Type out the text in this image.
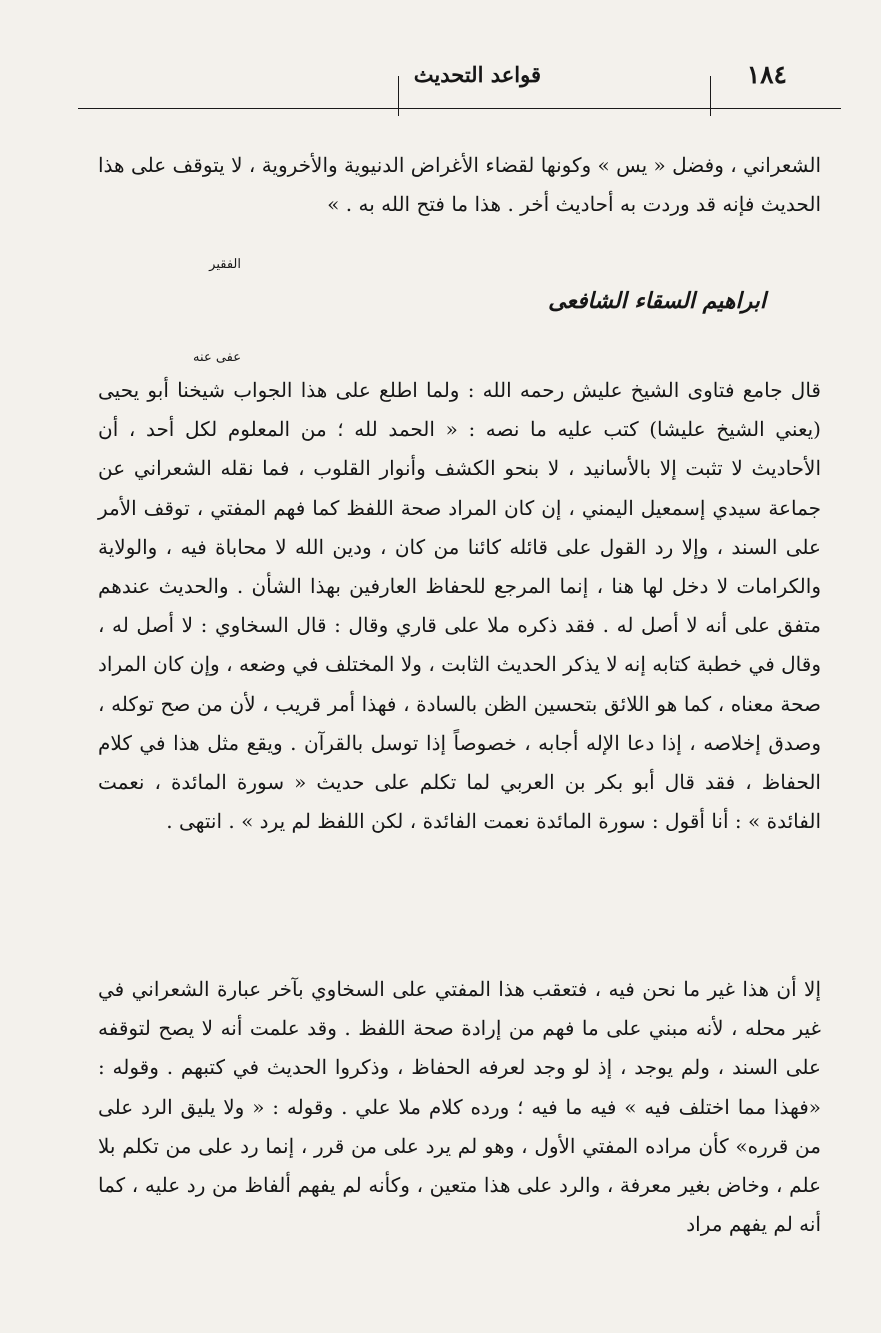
١٨٤
قواعد التحديث

الشعراني ، وفضل « يس » وكونها لقضاء الأغراض الدنيوية والأخروية ، لا يتوقف على هذا الحديث فإنه قد وردت به أحاديث أخر . هذا ما فتح الله به . »

الفقير
ابراهيم السقاء الشافعى
عفى عنه

قال جامع فتاوى الشيخ عليش رحمه الله : ولما اطلع على هذا الجواب شيخنا أبو يحيى (يعني الشيخ عليشا) كتب عليه ما نصه : « الحمد لله ؛ من المعلوم لكل أحد ، أن الأحاديث لا تثبت إلا بالأسانيد ، لا بنحو الكشف وأنوار القلوب ، فما نقله الشعراني عن جماعة سيدي إسمعيل اليمني ، إن كان المراد صحة اللفظ كما فهم المفتي ، توقف الأمر على السند ، وإلا رد القول على قائله كائنا من كان ، ودين الله لا محاباة فيه ، والولاية والكرامات لا دخل لها هنا ، إنما المرجع للحفاظ العارفين بهذا الشأن . والحديث عندهم متفق على أنه لا أصل له . فقد ذكره ملا على قاري وقال : قال السخاوي : لا أصل له ، وقال في خطبة كتابه إنه لا يذكر الحديث الثابت ، ولا المختلف في وضعه ، وإن كان المراد صحة معناه ، كما هو اللائق بتحسين الظن بالسادة ، فهذا أمر قريب ، لأن من صح توكله ، وصدق إخلاصه ، إذا دعا الإله أجابه ، خصوصاً إذا توسل بالقرآن . ويقع مثل هذا في كلام الحفاظ ، فقد قال أبو بكر بن العربي لما تكلم على حديث « سورة المائدة ، نعمت الفائدة » : أنا أقول : سورة المائدة نعمت الفائدة ، لكن اللفظ لم يرد » . انتهى .

إلا أن هذا غير ما نحن فيه ، فتعقب هذا المفتي على السخاوي بآخر عبارة الشعراني في غير محله ، لأنه مبني على ما فهم من إرادة صحة اللفظ . وقد علمت أنه لا يصح لتوقفه على السند ، ولم يوجد ، إذ لو وجد لعرفه الحفاظ ، وذكروا الحديث في كتبهم . وقوله : «فهذا مما اختلف فيه » فيه ما فيه ؛ ورده كلام ملا علي . وقوله : « ولا يليق الرد على من قرره» كأن مراده المفتي الأول ، وهو لم يرد على من قرر ، إنما رد على من تكلم بلا علم ، وخاض بغير معرفة ، والرد على هذا متعين ، وكأنه لم يفهم ألفاظ من رد عليه ، كما أنه لم يفهم مراد
